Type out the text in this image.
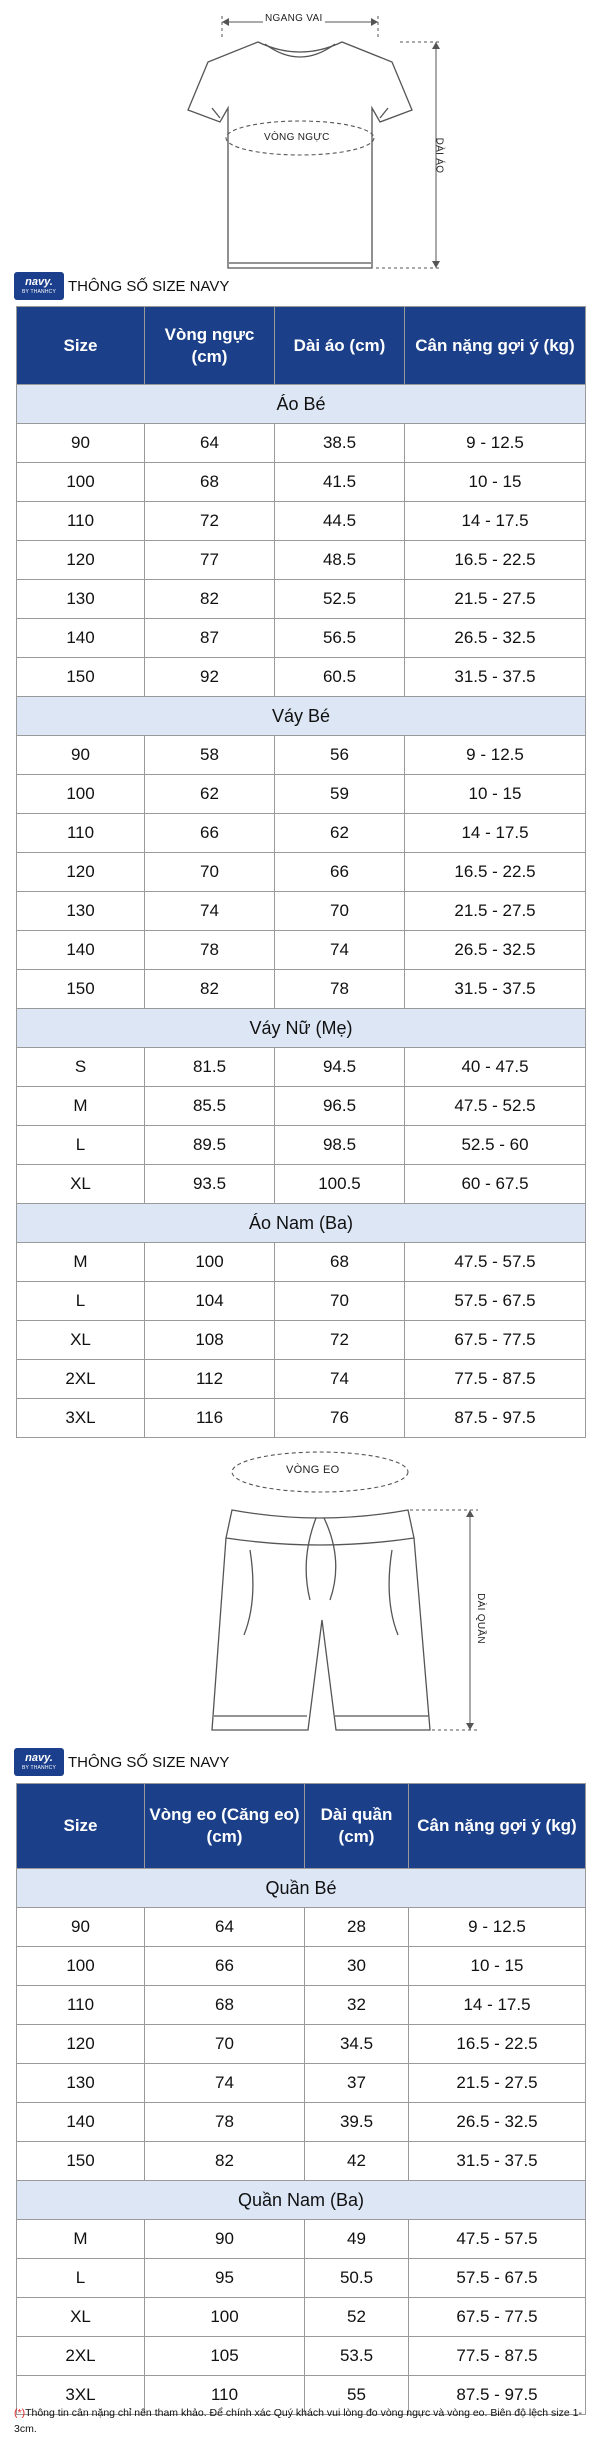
NGANG VAI
VÒNG NGỰC
DÀI ÁO
navy.
BY THANHCY THÔNG SỐ SIZE NAVY
Size	Vòng ngực (cm)	Dài áo (cm)	Cân nặng gợi ý (kg)
Áo Bé			
90	64	38.5	9 - 12.5
100	68	41.5	10 - 15
110	72	44.5	14 - 17.5
120	77	48.5	16.5 - 22.5
130	82	52.5	21.5 - 27.5
140	87	56.5	26.5 - 32.5
150	92	60.5	31.5 - 37.5
Váy Bé			
90	58	56	9 - 12.5
100	62	59	10 - 15
110	66	62	14 - 17.5
120	70	66	16.5 - 22.5
130	74	70	21.5 - 27.5
140	78	74	26.5 - 32.5
150	82	78	31.5 - 37.5
Váy Nữ (Mẹ)			
S	81.5	94.5	40 - 47.5
M	85.5	96.5	47.5 - 52.5
L	89.5	98.5	52.5 - 60
XL	93.5	100.5	60 - 67.5
Áo Nam (Ba)			
M	100	68	47.5 - 57.5
L	104	70	57.5 - 67.5
XL	108	72	67.5 - 77.5
2XL	112	74	77.5 - 87.5
3XL	116	76	87.5 - 97.5
VÒNG EO
DÀI QUẦN
navy.
BY THANHCY THÔNG SỐ SIZE NAVY
Size	Vòng eo (Căng eo) (cm)	Dài quần (cm)	Cân nặng gợi ý (kg)
Quần Bé			
90	64	28	9 - 12.5
100	66	30	10 - 15
110	68	32	14 - 17.5
120	70	34.5	16.5 - 22.5
130	74	37	21.5 - 27.5
140	78	39.5	26.5 - 32.5
150	82	42	31.5 - 37.5
Quần Nam (Ba)			
M	90	49	47.5 - 57.5
L	95	50.5	57.5 - 67.5
XL	100	52	67.5 - 77.5
2XL	105	53.5	77.5 - 87.5
3XL	110	55	87.5 - 97.5
(*)Thông tin cân nặng chỉ nên tham khảo. Để chính xác Quý khách vui lòng đo vòng ngực và vòng eo. Biên độ lệch size 1-3cm.
